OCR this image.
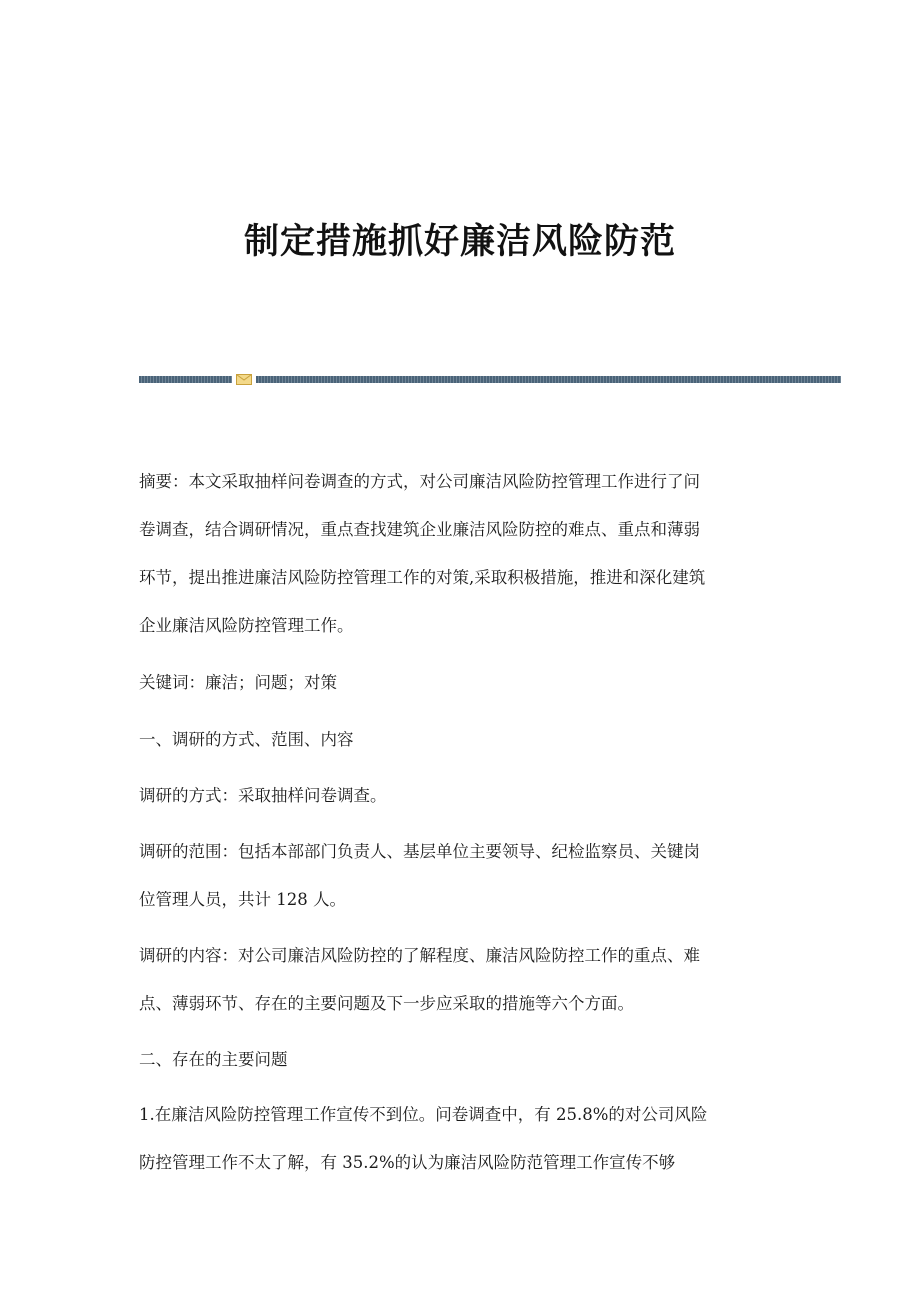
制定措施抓好廉洁风险防范

摘要：本文采取抽样问卷调查的方式，对公司廉洁风险防控管理工作进行了问
卷调查，结合调研情况，重点查找建筑企业廉洁风险防控的难点、重点和薄弱
环节，提出推进廉洁风险防控管理工作的对策,采取积极措施，推进和深化建筑
企业廉洁风险防控管理工作。

关键词：廉洁；问题；对策

一、调研的方式、范围、内容

调研的方式：采取抽样问卷调查。

调研的范围：包括本部部门负责人、基层单位主要领导、纪检监察员、关键岗
位管理人员，共计 128 人。

调研的内容：对公司廉洁风险防控的了解程度、廉洁风险防控工作的重点、难
点、薄弱环节、存在的主要问题及下一步应采取的措施等六个方面。

二、存在的主要问题

1.在廉洁风险防控管理工作宣传不到位。问卷调查中，有 25.8%的对公司风险
防控管理工作不太了解，有 35.2%的认为廉洁风险防范管理工作宣传不够
